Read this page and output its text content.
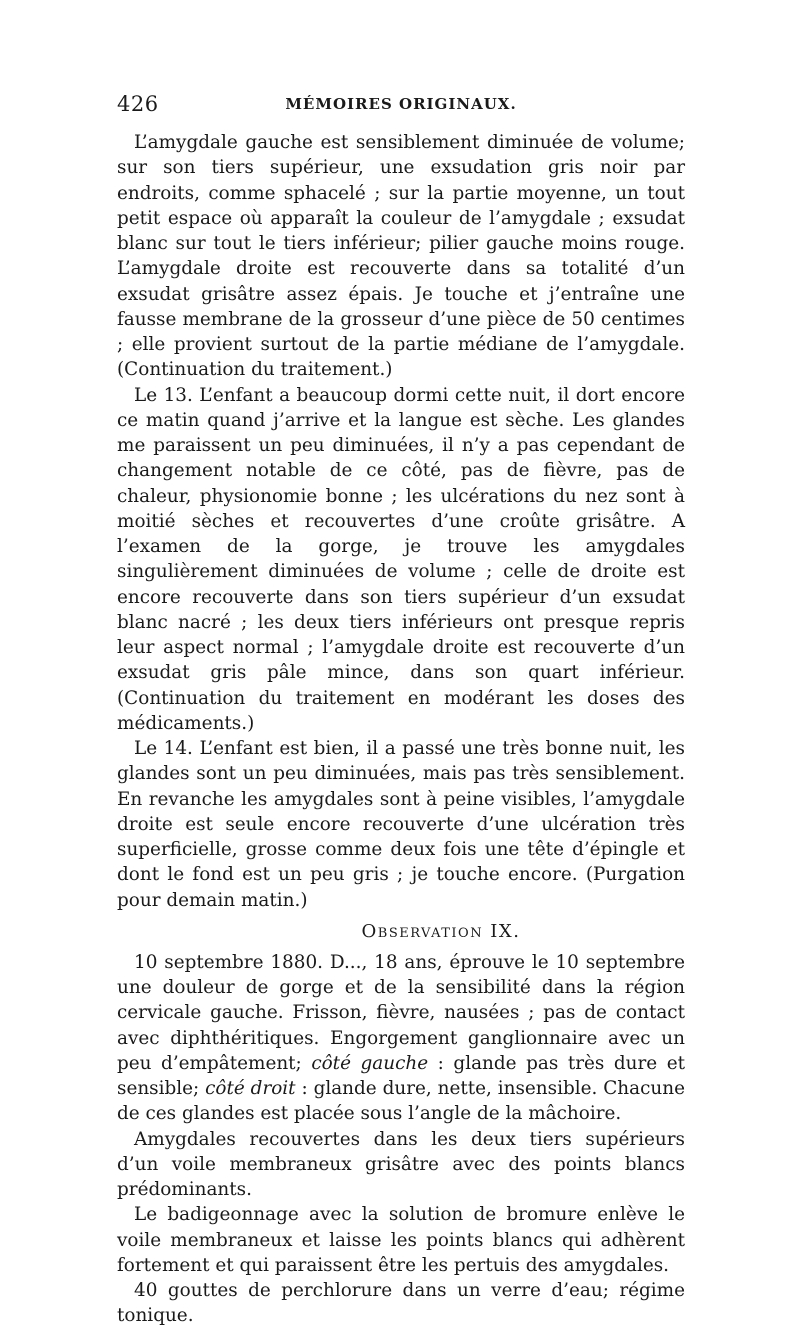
426	MÉMOIRES ORIGINAUX.

L’amygdale gauche est sensiblement diminuée de volume; sur son tiers supérieur, une exsudation gris noir par endroits, comme sphacelé ; sur la partie moyenne, un tout petit espace où apparaît la couleur de l’amygdale ; exsudat blanc sur tout le tiers inférieur; pilier gauche moins rouge. L’amygdale droite est recouverte dans sa totalité d’un exsudat grisâtre assez épais. Je touche et j’entraîne une fausse membrane de la grosseur d’une pièce de 50 centimes ; elle provient surtout de la partie médiane de l’amygdale. (Continuation du traitement.)

Le 13. L’enfant a beaucoup dormi cette nuit, il dort encore ce matin quand j’arrive et la langue est sèche. Les glandes me paraissent un peu diminuées, il n’y a pas cependant de changement notable de ce côté, pas de fièvre, pas de chaleur, physionomie bonne ; les ulcérations du nez sont à moitié sèches et recouvertes d’une croûte grisâtre. A l’examen de la gorge, je trouve les amygdales singulièrement diminuées de volume ; celle de droite est encore recouverte dans son tiers supérieur d’un exsudat blanc nacré ; les deux tiers inférieurs ont presque repris leur aspect normal ; l’amygdale droite est recouverte d’un exsudat gris pâle mince, dans son quart inférieur. (Continuation du traitement en modérant les doses des médicaments.)

Le 14. L’enfant est bien, il a passé une très bonne nuit, les glandes sont un peu diminuées, mais pas très sensiblement. En revanche les amygdales sont à peine visibles, l’amygdale droite est seule encore recouverte d’une ulcération très superficielle, grosse comme deux fois une tête d’épingle et dont le fond est un peu gris ; je touche encore. (Purgation pour demain matin.)

Observation IX.

10 septembre 1880. D..., 18 ans, éprouve le 10 septembre une douleur de gorge et de la sensibilité dans la région cervicale gauche. Frisson, fièvre, nausées ; pas de contact avec diphthéritiques. Engorgement ganglionnaire avec un peu d’empâtement; côté gauche : glande pas très dure et sensible; côté droit : glande dure, nette, insensible. Chacune de ces glandes est placée sous l’angle de la mâchoire.

Amygdales recouvertes dans les deux tiers supérieurs d’un voile membraneux grisâtre avec des points blancs prédominants.

Le badigeonnage avec la solution de bromure enlève le voile membraneux et laisse les points blancs qui adhèrent fortement et qui paraissent être les pertuis des amygdales.

40 gouttes de perchlorure dans un verre d’eau; régime tonique.
